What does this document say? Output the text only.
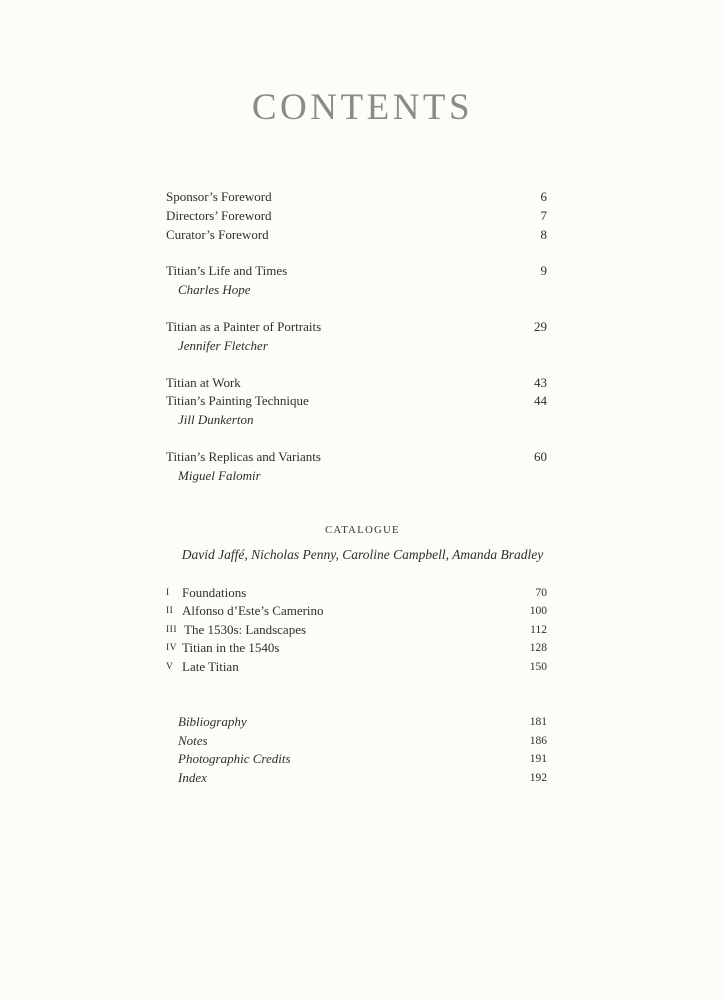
CONTENTS
Sponsor’s Foreword	6
Directors’ Foreword	7
Curator’s Foreword	8
Titian’s Life and Times	9
Charles Hope
Titian as a Painter of Portraits	29
Jennifer Fletcher
Titian at Work	43
Titian’s Painting Technique	44
Jill Dunkerton
Titian’s Replicas and Variants	60
Miguel Falomir
CATALOGUE
David Jaffé, Nicholas Penny, Caroline Campbell, Amanda Bradley
I Foundations	70
II Alfonso d’Este’s Camerino	100
III The 1530s: Landscapes	112
IV Titian in the 1540s	128
V Late Titian	150
Bibliography	181
Notes	186
Photographic Credits	191
Index	192
